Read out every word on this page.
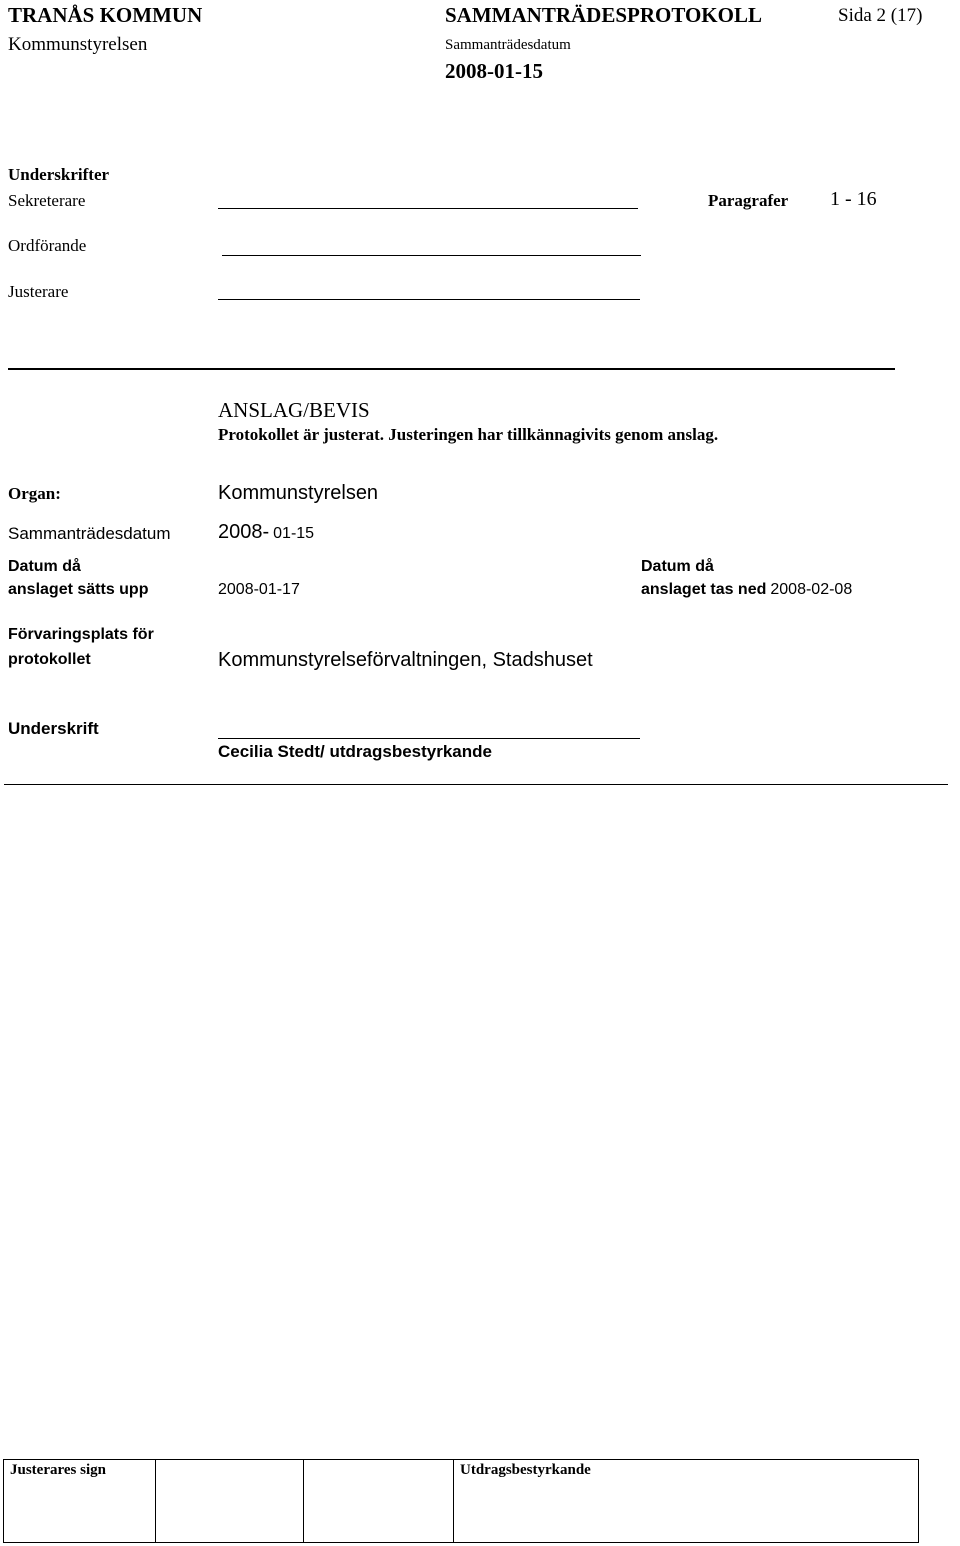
TRANÅS KOMMUN	SAMMANTRÄDESPROTOKOLL	Sida 2 (17)
Kommunstyrelsen	Sammanträdesdatum
2008-01-15
Underskrifter
Sekreterare	Paragrafer 1 - 16
Ordförande
Justerare
ANSLAG/BEVIS
Protokollet är justerat. Justeringen har tillkännagivits genom anslag.
Organ:	Kommunstyrelsen
Sammanträdesdatum 2008- 01-15
Datum då
anslaget sätts upp	2008-01-17
Datum då
anslaget tas ned 2008-02-08
Förvaringsplats för
protokollet	Kommunstyrelseförvaltningen, Stadshuset
Underskrift
Cecilia Stedt/ utdragsbestyrkande
Justerares sign			Utdragsbestyrkande
